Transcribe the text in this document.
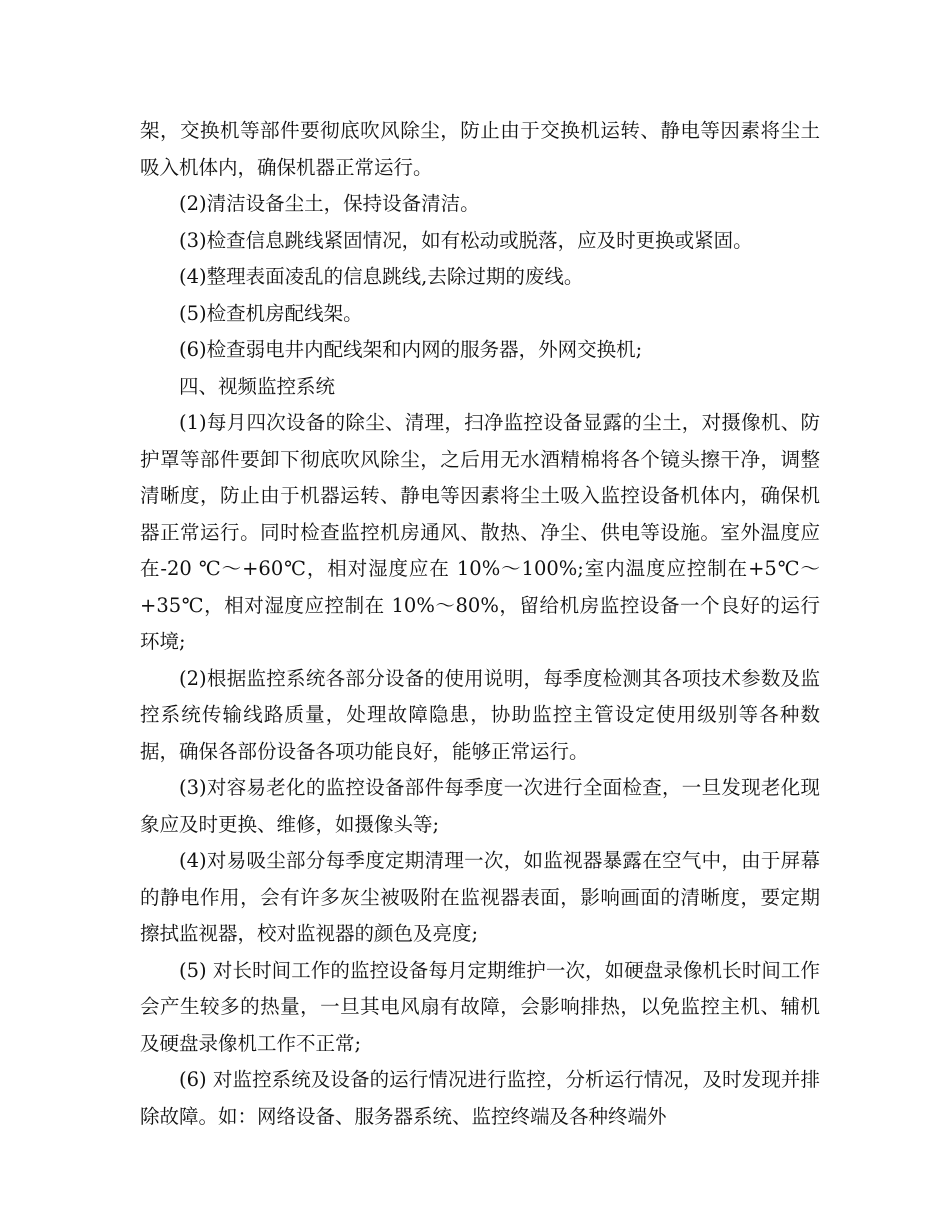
架，交换机等部件要彻底吹风除尘，防止由于交换机运转、静电等因素将尘土吸入机体内，确保机器正常运行。

(2)清洁设备尘土，保持设备清洁。

(3)检查信息跳线紧固情况，如有松动或脱落，应及时更换或紧固。

(4)整理表面凌乱的信息跳线,去除过期的废线。

(5)检查机房配线架。

(6)检查弱电井内配线架和内网的服务器，外网交换机;

四、视频监控系统

(1)每月四次设备的除尘、清理，扫净监控设备显露的尘土，对摄像机、防护罩等部件要卸下彻底吹风除尘，之后用无水酒精棉将各个镜头擦干净，调整清晰度，防止由于机器运转、静电等因素将尘土吸入监控设备机体内，确保机器正常运行。同时检查监控机房通风、散热、净尘、供电等设施。室外温度应在-20 ℃～+60℃，相对湿度应在 10%～100%;室内温度应控制在+5℃～+35℃，相对湿度应控制在 10%～80%，留给机房监控设备一个良好的运行环境;

(2)根据监控系统各部分设备的使用说明，每季度检测其各项技术参数及监控系统传输线路质量，处理故障隐患，协助监控主管设定使用级别等各种数据，确保各部份设备各项功能良好，能够正常运行。

(3)对容易老化的监控设备部件每季度一次进行全面检查，一旦发现老化现象应及时更换、维修，如摄像头等;

(4)对易吸尘部分每季度定期清理一次，如监视器暴露在空气中，由于屏幕的静电作用，会有许多灰尘被吸附在监视器表面，影响画面的清晰度，要定期擦拭监视器，校对监视器的颜色及亮度;

(5) 对长时间工作的监控设备每月定期维护一次，如硬盘录像机长时间工作会产生较多的热量，一旦其电风扇有故障，会影响排热，以免监控主机、辅机及硬盘录像机工作不正常;

(6) 对监控系统及设备的运行情况进行监控，分析运行情况，及时发现并排除故障。如：网络设备、服务器系统、监控终端及各种终端外
